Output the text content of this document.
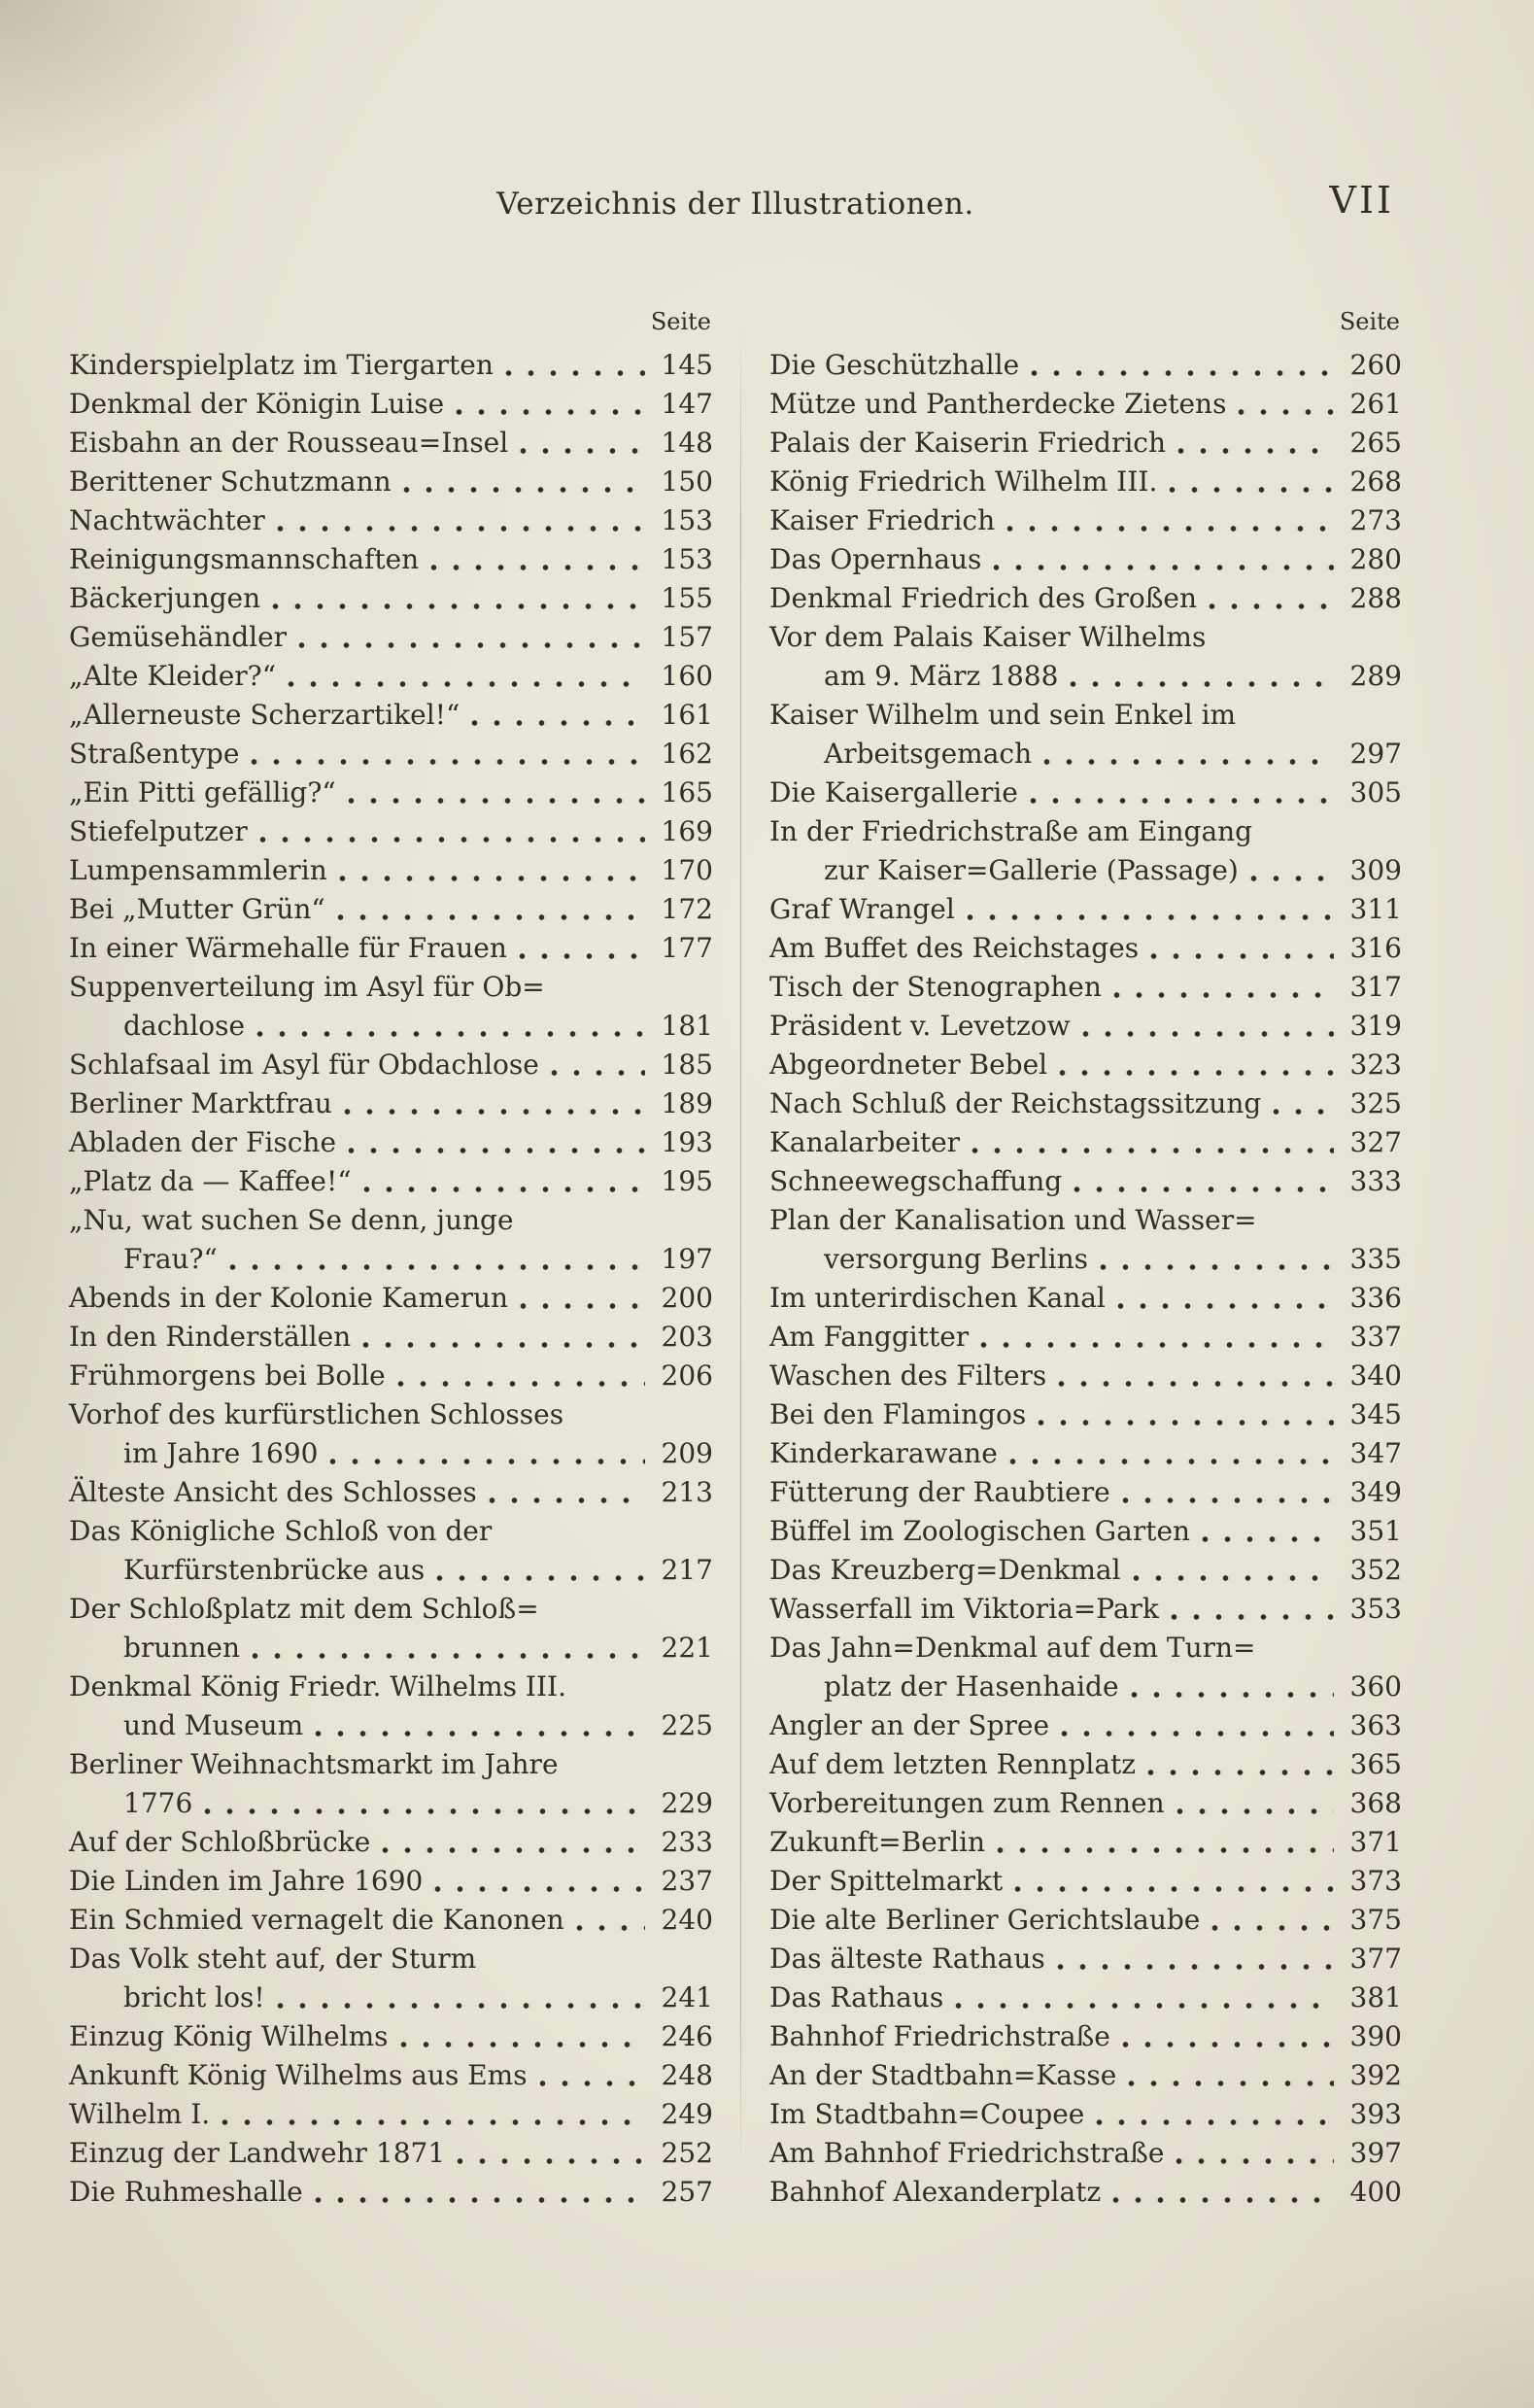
Verzeichnis der Illustrationen.	VII
Seite
Kinderspielplatz im Tiergarten	145
Denkmal der Königin Luise	147
Eisbahn an der Rousseau=Insel	148
Berittener Schutzmann	150
Nachtwächter	153
Reinigungsmannschaften	153
Bäckerjungen	155
Gemüsehändler	157
„Alte Kleider?“	160
„Allerneuste Scherzartikel!“	161
Straßentype	162
„Ein Pitti gefällig?“	165
Stiefelputzer	169
Lumpensammlerin	170
Bei „Mutter Grün“	172
In einer Wärmehalle für Frauen	177
Suppenverteilung im Asyl für Ob=
dachlose	181
Schlafsaal im Asyl für Obdachlose	185
Berliner Marktfrau	189
Abladen der Fische	193
„Platz da — Kaffee!“	195
„Nu, wat suchen Se denn, junge
Frau?“	197
Abends in der Kolonie Kamerun	200
In den Rinderställen	203
Frühmorgens bei Bolle	206
Vorhof des kurfürstlichen Schlosses
im Jahre 1690	209
Älteste Ansicht des Schlosses	213
Das Königliche Schloß von der
Kurfürstenbrücke aus	217
Der Schloßplatz mit dem Schloß=
brunnen	221
Denkmal König Friedr. Wilhelms III.
und Museum	225
Berliner Weihnachtsmarkt im Jahre
1776	229
Auf der Schloßbrücke	233
Die Linden im Jahre 1690	237
Ein Schmied vernagelt die Kanonen	240
Das Volk steht auf, der Sturm
bricht los!	241
Einzug König Wilhelms	246
Ankunft König Wilhelms aus Ems	248
Wilhelm I.	249
Einzug der Landwehr 1871	252
Die Ruhmeshalle	257
Seite
Die Geschützhalle	260
Mütze und Pantherdecke Zietens	261
Palais der Kaiserin Friedrich	265
König Friedrich Wilhelm III.	268
Kaiser Friedrich	273
Das Opernhaus	280
Denkmal Friedrich des Großen	288
Vor dem Palais Kaiser Wilhelms
am 9. März 1888	289
Kaiser Wilhelm und sein Enkel im
Arbeitsgemach	297
Die Kaisergallerie	305
In der Friedrichstraße am Eingang
zur Kaiser=Gallerie (Passage)	309
Graf Wrangel	311
Am Buffet des Reichstages	316
Tisch der Stenographen	317
Präsident v. Levetzow	319
Abgeordneter Bebel	323
Nach Schluß der Reichstagssitzung	325
Kanalarbeiter	327
Schneewegschaffung	333
Plan der Kanalisation und Wasser=
versorgung Berlins	335
Im unterirdischen Kanal	336
Am Fanggitter	337
Waschen des Filters	340
Bei den Flamingos	345
Kinderkarawane	347
Fütterung der Raubtiere	349
Büffel im Zoologischen Garten	351
Das Kreuzberg=Denkmal	352
Wasserfall im Viktoria=Park	353
Das Jahn=Denkmal auf dem Turn=
platz der Hasenhaide	360
Angler an der Spree	363
Auf dem letzten Rennplatz	365
Vorbereitungen zum Rennen	368
Zukunft=Berlin	371
Der Spittelmarkt	373
Die alte Berliner Gerichtslaube	375
Das älteste Rathaus	377
Das Rathaus	381
Bahnhof Friedrichstraße	390
An der Stadtbahn=Kasse	392
Im Stadtbahn=Coupee	393
Am Bahnhof Friedrichstraße	397
Bahnhof Alexanderplatz	400
